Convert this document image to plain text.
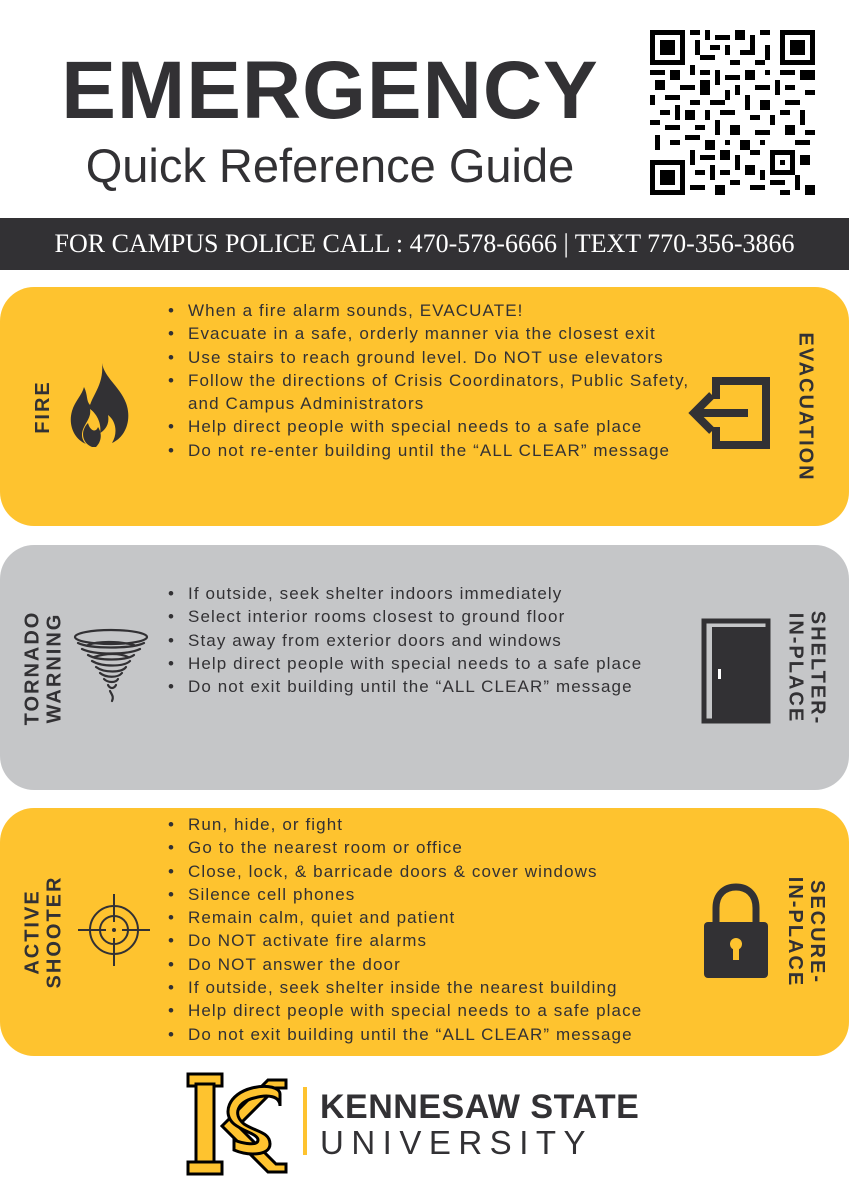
EMERGENCY
Quick Reference Guide
FOR CAMPUS POLICE CALL : 470-578-6666 | TEXT 770-356-3866
FIRE
• When a fire alarm sounds, EVACUATE!
• Evacuate in a safe, orderly manner via the closest exit
• Use stairs to reach ground level. Do NOT use elevators
• Follow the directions of Crisis Coordinators, Public Safety, and Campus Administrators
• Help direct people with special needs to a safe place
• Do not re-enter building until the “ALL CLEAR” message	EVACUATION
TORNADO
WARNING
• If outside, seek shelter indoors immediately
• Select interior rooms closest to ground floor
• Stay away from exterior doors and windows
• Help direct people with special needs to a safe place
• Do not exit building until the “ALL CLEAR” message	SHELTER-
IN-PLACE
ACTIVE
SHOOTER
• Run, hide, or fight
• Go to the nearest room or office
• Close, lock, & barricade doors & cover windows
• Silence cell phones
• Remain calm, quiet and patient
• Do NOT activate fire alarms
• Do NOT answer the door
• If outside, seek shelter inside the nearest building
• Help direct people with special needs to a safe place
• Do not exit building until the “ALL CLEAR” message
SECURE-
IN-PLACE
KENNESAW STATE
UNIVERSITY
